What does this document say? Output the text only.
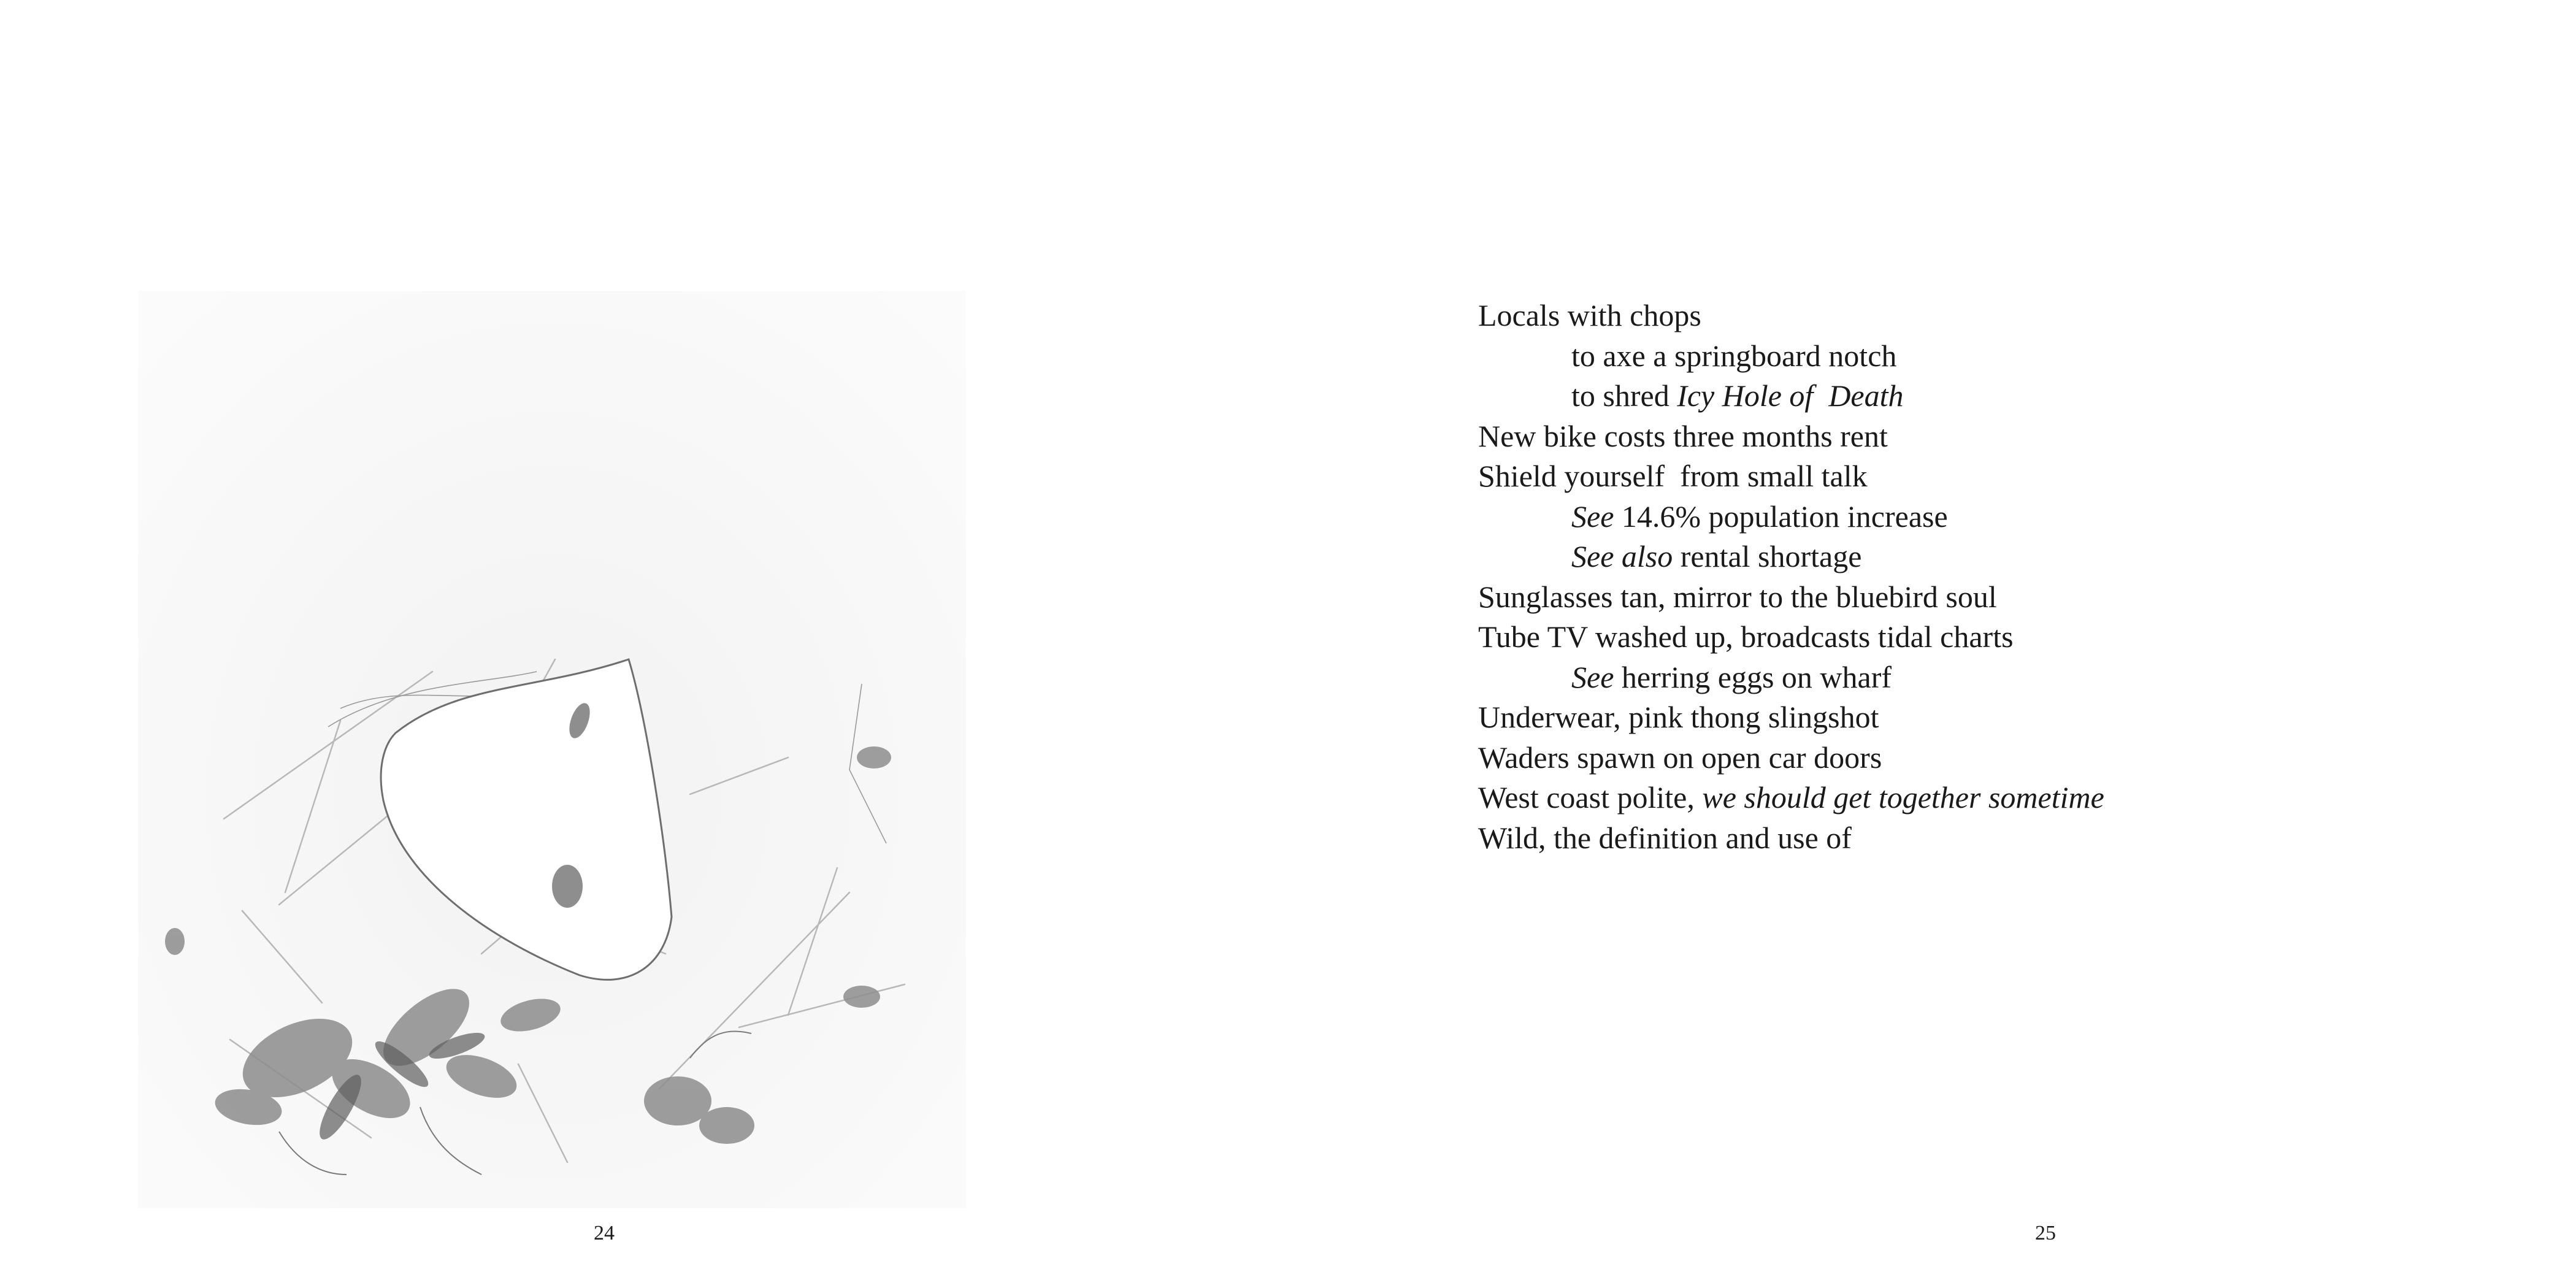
24
Locals with chops
to axe a springboard notch
to shred Icy Hole of  Death
New bike costs three months rent
Shield yourself  from small talk
See 14.6% population increase
See also rental shortage
Sunglasses tan, mirror to the bluebird soul
Tube TV washed up, broadcasts tidal charts
See herring eggs on wharf
Underwear, pink thong slingshot
Waders spawn on open car doors
West coast polite, we should get together sometime
Wild, the definition and use of
25
